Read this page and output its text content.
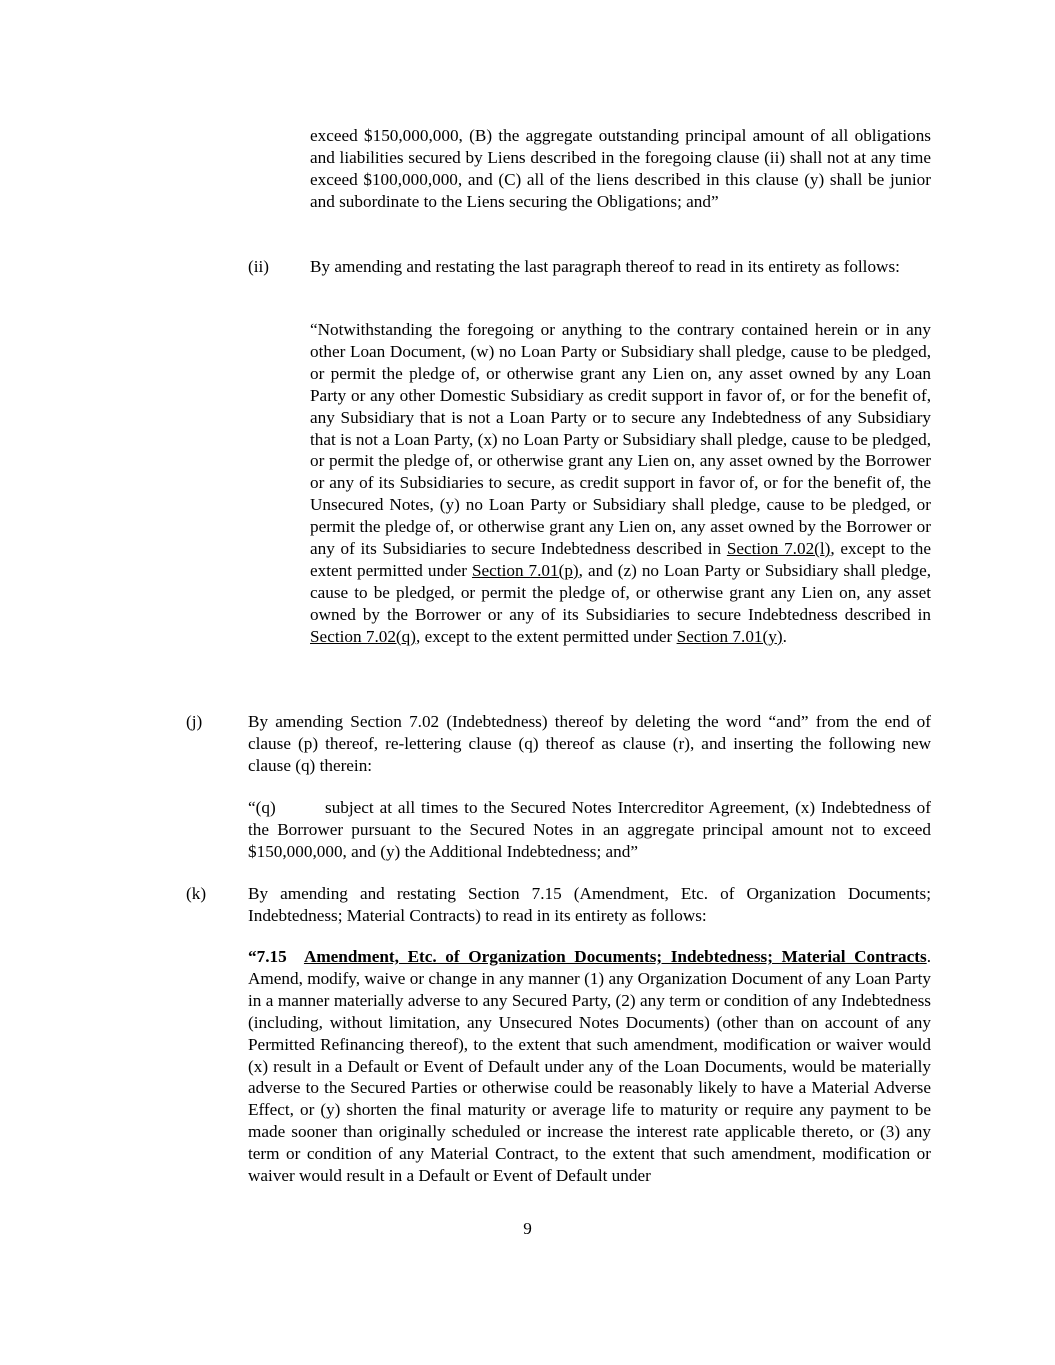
exceed $150,000,000, (B) the aggregate outstanding principal amount of all obligations and liabilities secured by Liens described in the foregoing clause (ii) shall not at any time exceed $100,000,000, and (C) all of the liens described in this clause (y) shall be junior and subordinate to the Liens securing the Obligations; and”

(ii) By amending and restating the last paragraph thereof to read in its entirety as follows:

“Notwithstanding the foregoing or anything to the contrary contained herein or in any other Loan Document, (w) no Loan Party or Subsidiary shall pledge, cause to be pledged, or permit the pledge of, or otherwise grant any Lien on, any asset owned by any Loan Party or any other Domestic Subsidiary as credit support in favor of, or for the benefit of, any Subsidiary that is not a Loan Party or to secure any Indebtedness of any Subsidiary that is not a Loan Party, (x) no Loan Party or Subsidiary shall pledge, cause to be pledged, or permit the pledge of, or otherwise grant any Lien on, any asset owned by the Borrower or any of its Subsidiaries to secure, as credit support in favor of, or for the benefit of, the Unsecured Notes, (y) no Loan Party or Subsidiary shall pledge, cause to be pledged, or permit the pledge of, or otherwise grant any Lien on, any asset owned by the Borrower or any of its Subsidiaries to secure Indebtedness described in Section 7.02(l), except to the extent permitted under Section 7.01(p), and (z) no Loan Party or Subsidiary shall pledge, cause to be pledged, or permit the pledge of, or otherwise grant any Lien on, any asset owned by the Borrower or any of its Subsidiaries to secure Indebtedness described in Section 7.02(q), except to the extent permitted under Section 7.01(y).

(j)	By amending Section 7.02 (Indebtedness) thereof by deleting the word “and” from the end of clause (p) thereof, re-lettering clause (q) thereof as clause (r), and inserting the following new clause (q) therein:

“(q)	subject at all times to the Secured Notes Intercreditor Agreement, (x) Indebtedness of the Borrower pursuant to the Secured Notes in an aggregate principal amount not to exceed $150,000,000, and (y) the Additional Indebtedness; and”

(k) By amending and restating Section 7.15 (Amendment, Etc. of Organization Documents; Indebtedness; Material Contracts) to read in its entirety as follows:

“7.15 Amendment, Etc. of Organization Documents; Indebtedness; Material Contracts. Amend, modify, waive or change in any manner (1) any Organization Document of any Loan Party in a manner materially adverse to any Secured Party, (2) any term or condition of any Indebtedness (including, without limitation, any Unsecured Notes Documents) (other than on account of any Permitted Refinancing thereof), to the extent that such amendment, modification or waiver would (x) result in a Default or Event of Default under any of the Loan Documents, would be materially adverse to the Secured Parties or otherwise could be reasonably likely to have a Material Adverse Effect, or (y) shorten the final maturity or average life to maturity or require any payment to be made sooner than originally scheduled or increase the interest rate applicable thereto, or (3) any term or condition of any Material Contract, to the extent that such amendment, modification or waiver would result in a Default or Event of Default under

9
